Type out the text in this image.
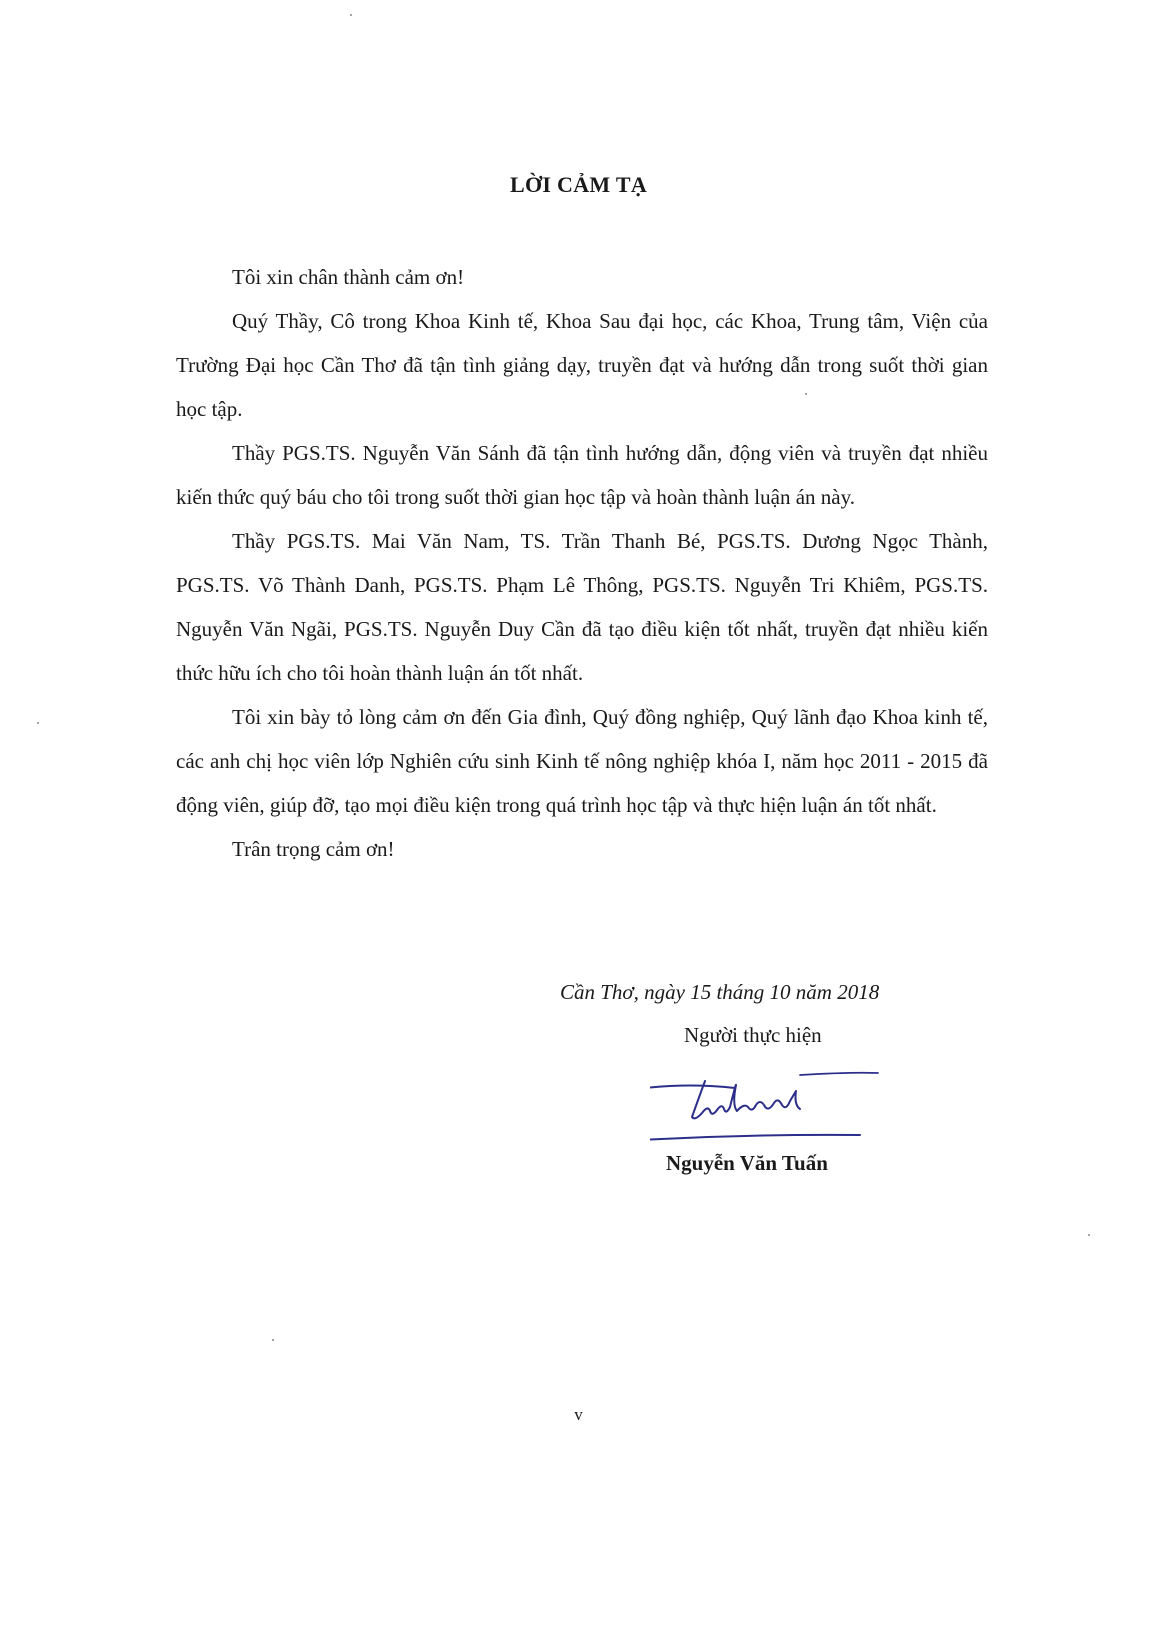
LỜI CẢM TẠ

Tôi xin chân thành cảm ơn!

Quý Thầy, Cô trong Khoa Kinh tế, Khoa Sau đại học, các Khoa, Trung tâm, Viện của Trường Đại học Cần Thơ đã tận tình giảng dạy, truyền đạt và hướng dẫn trong suốt thời gian học tập.

Thầy PGS.TS. Nguyễn Văn Sánh đã tận tình hướng dẫn, động viên và truyền đạt nhiều kiến thức quý báu cho tôi trong suốt thời gian học tập và hoàn thành luận án này.

Thầy PGS.TS. Mai Văn Nam, TS. Trần Thanh Bé, PGS.TS. Dương Ngọc Thành, PGS.TS. Võ Thành Danh, PGS.TS. Phạm Lê Thông, PGS.TS. Nguyễn Tri Khiêm, PGS.TS. Nguyễn Văn Ngãi, PGS.TS. Nguyễn Duy Cần đã tạo điều kiện tốt nhất, truyền đạt nhiều kiến thức hữu ích cho tôi hoàn thành luận án tốt nhất.

Tôi xin bày tỏ lòng cảm ơn đến Gia đình, Quý đồng nghiệp, Quý lãnh đạo Khoa kinh tế, các anh chị học viên lớp Nghiên cứu sinh Kinh tế nông nghiệp khóa I, năm học 2011 - 2015 đã động viên, giúp đỡ, tạo mọi điều kiện trong quá trình học tập và thực hiện luận án tốt nhất.

Trân trọng cảm ơn!

Cần Thơ, ngày 15 tháng 10 năm 2018
Người thực hiện
Nguyễn Văn Tuấn
v
